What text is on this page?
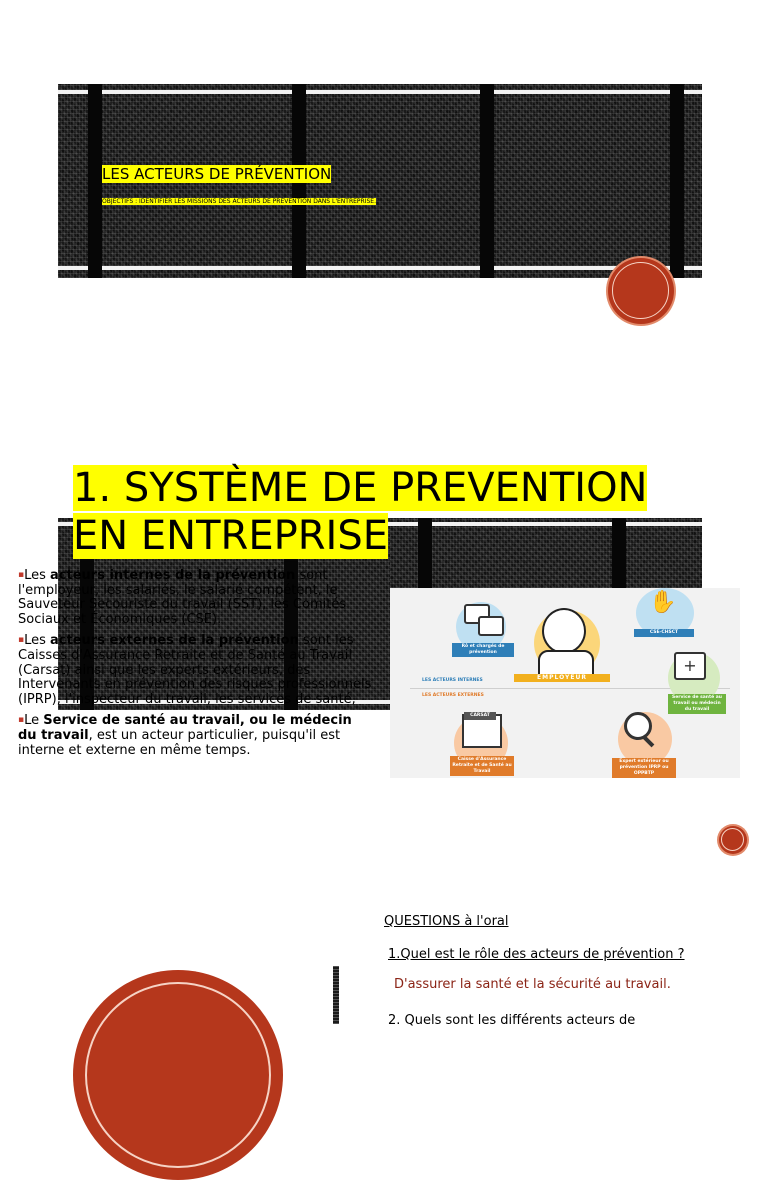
LES ACTEURS DE PRÉVENTION
OBJECTIFS : IDENTIFIER LES MISSIONS DES ACTEURS DE PRÉVENTION DANS L'ENTREPRISE.
1. SYSTÈME DE PREVENTION EN ENTREPRISE

▪Les acteurs internes de la prévention sont l'employeur, les salariés, le salarié compétent, le Sauveteur Secouriste du travail (SST), les Comités Sociaux et Économiques (CSE).

▪Les acteurs externes de la prévention sont les Caisses d'Assurance Retraite et de Santé au Travail (Carsat) ainsi que les experts extérieurs, des Intervenants en prévention des risques professionnels (IPRP), l'inspecteur du travail, les services de santé,

▪Le Service de santé au travail, ou le médecin du travail, est un acteur particulier, puisqu'il est interne et externe en même temps.

LES ACTEURS INTERNES
LES ACTEURS EXTERNES
Rô et chargés de prévention
EMPLOYEUR
✋
CSE-CHSCT
+
Service de santé au travail ou médecin du travail
CARSAT
Caisse d'Assurance Retraite et de Santé au Travail
Expert extérieur ou prévention IPRP ou OPPBTP
QUESTIONS à l'oral
1.Quel est le rôle des acteurs de prévention ?
D'assurer la santé et la sécurité au travail.
2. Quels sont les différents acteurs de
